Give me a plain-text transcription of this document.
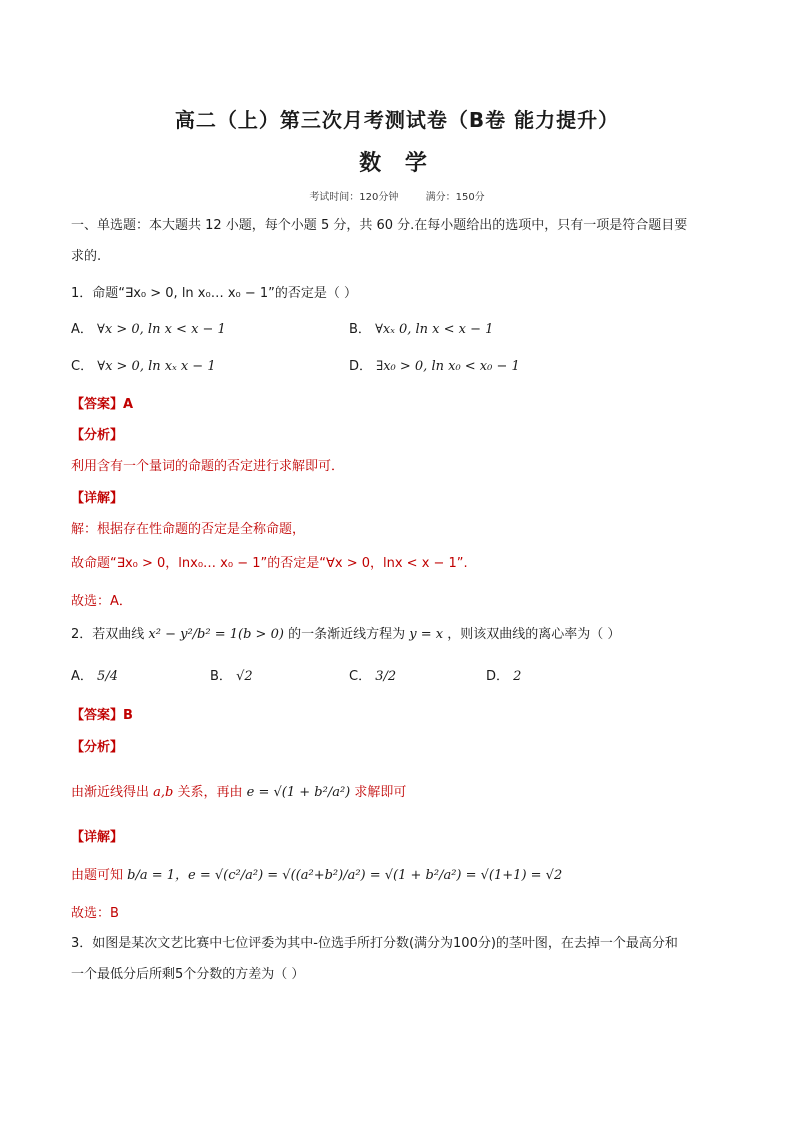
高二（上）第三次月考测试卷（B卷 能力提升）
数 学
考试时间：120分钟	满分：150分
一、单选题：本大题共 12 小题，每个小题 5 分，共 60 分.在每小题给出的选项中，只有一项是符合题目要
求的.
1．命题“∃x₀ > 0, ln x₀… x₀ − 1”的否定是（ ）
A． ∀x > 0, ln x < x − 1	B． ∀xₓ 0, ln x < x − 1
C． ∀x > 0, ln xₓ x − 1	D． ∃x₀ > 0, ln x₀ < x₀ − 1
【答案】A
【分析】
利用含有一个量词的命题的否定进行求解即可．
【详解】
解：根据存在性命题的否定是全称命题，
故命题“∃x₀ > 0，lnx₀… x₀ − 1”的否定是“∀x > 0，lnx < x − 1”.
故选：A．
2．若双曲线 x² − y²/b² = 1(b > 0) 的一条渐近线方程为 y = x ，则该双曲线的离心率为（ ）
A． 5/4	B． √2	C． 3/2	D． 2
【答案】B
【分析】
由渐近线得出 a,b 关系，再由 e = √(1 + b²/a²) 求解即可
【详解】
由题可知 b/a = 1，e = √(c²/a²) = √((a²+b²)/a²) = √(1 + b²/a²) = √(1+1) = √2
故选：B
3．如图是某次文艺比赛中七位评委为其中-位选手所打分数(满分为100分)的茎叶图，在去掉一个最高分和
一个最低分后所剩5个分数的方差为（ ）
